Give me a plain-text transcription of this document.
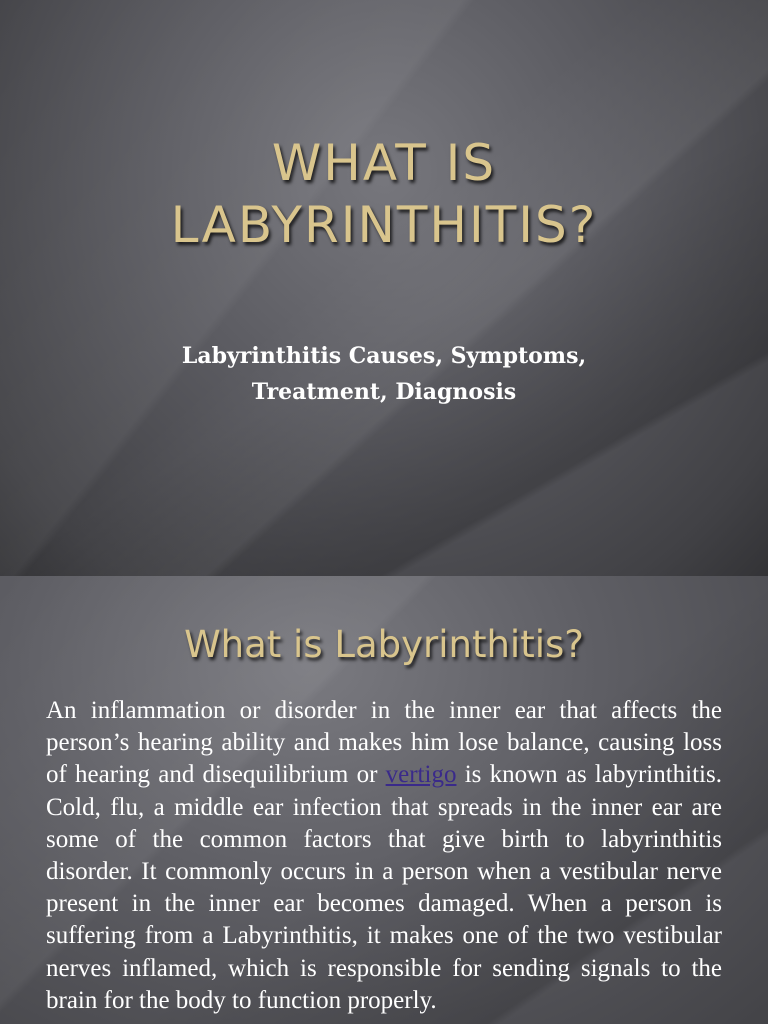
WHAT IS
LABYRINTHITIS?

Labyrinthitis Causes, Symptoms,
Treatment, Diagnosis

What is Labyrinthitis?

An inflammation or disorder in the inner ear that affects the person’s hearing ability and makes him lose balance, causing loss of hearing and disequilibrium or vertigo is known as labyrinthitis. Cold, flu, a middle ear infection that spreads in the inner ear are some of the common factors that give birth to labyrinthitis disorder. It commonly occurs in a person when a vestibular nerve present in the inner ear becomes damaged. When a person is suffering from a Labyrinthitis, it makes one of the two vestibular nerves inflamed, which is responsible for sending signals to the brain for the body to function properly.
